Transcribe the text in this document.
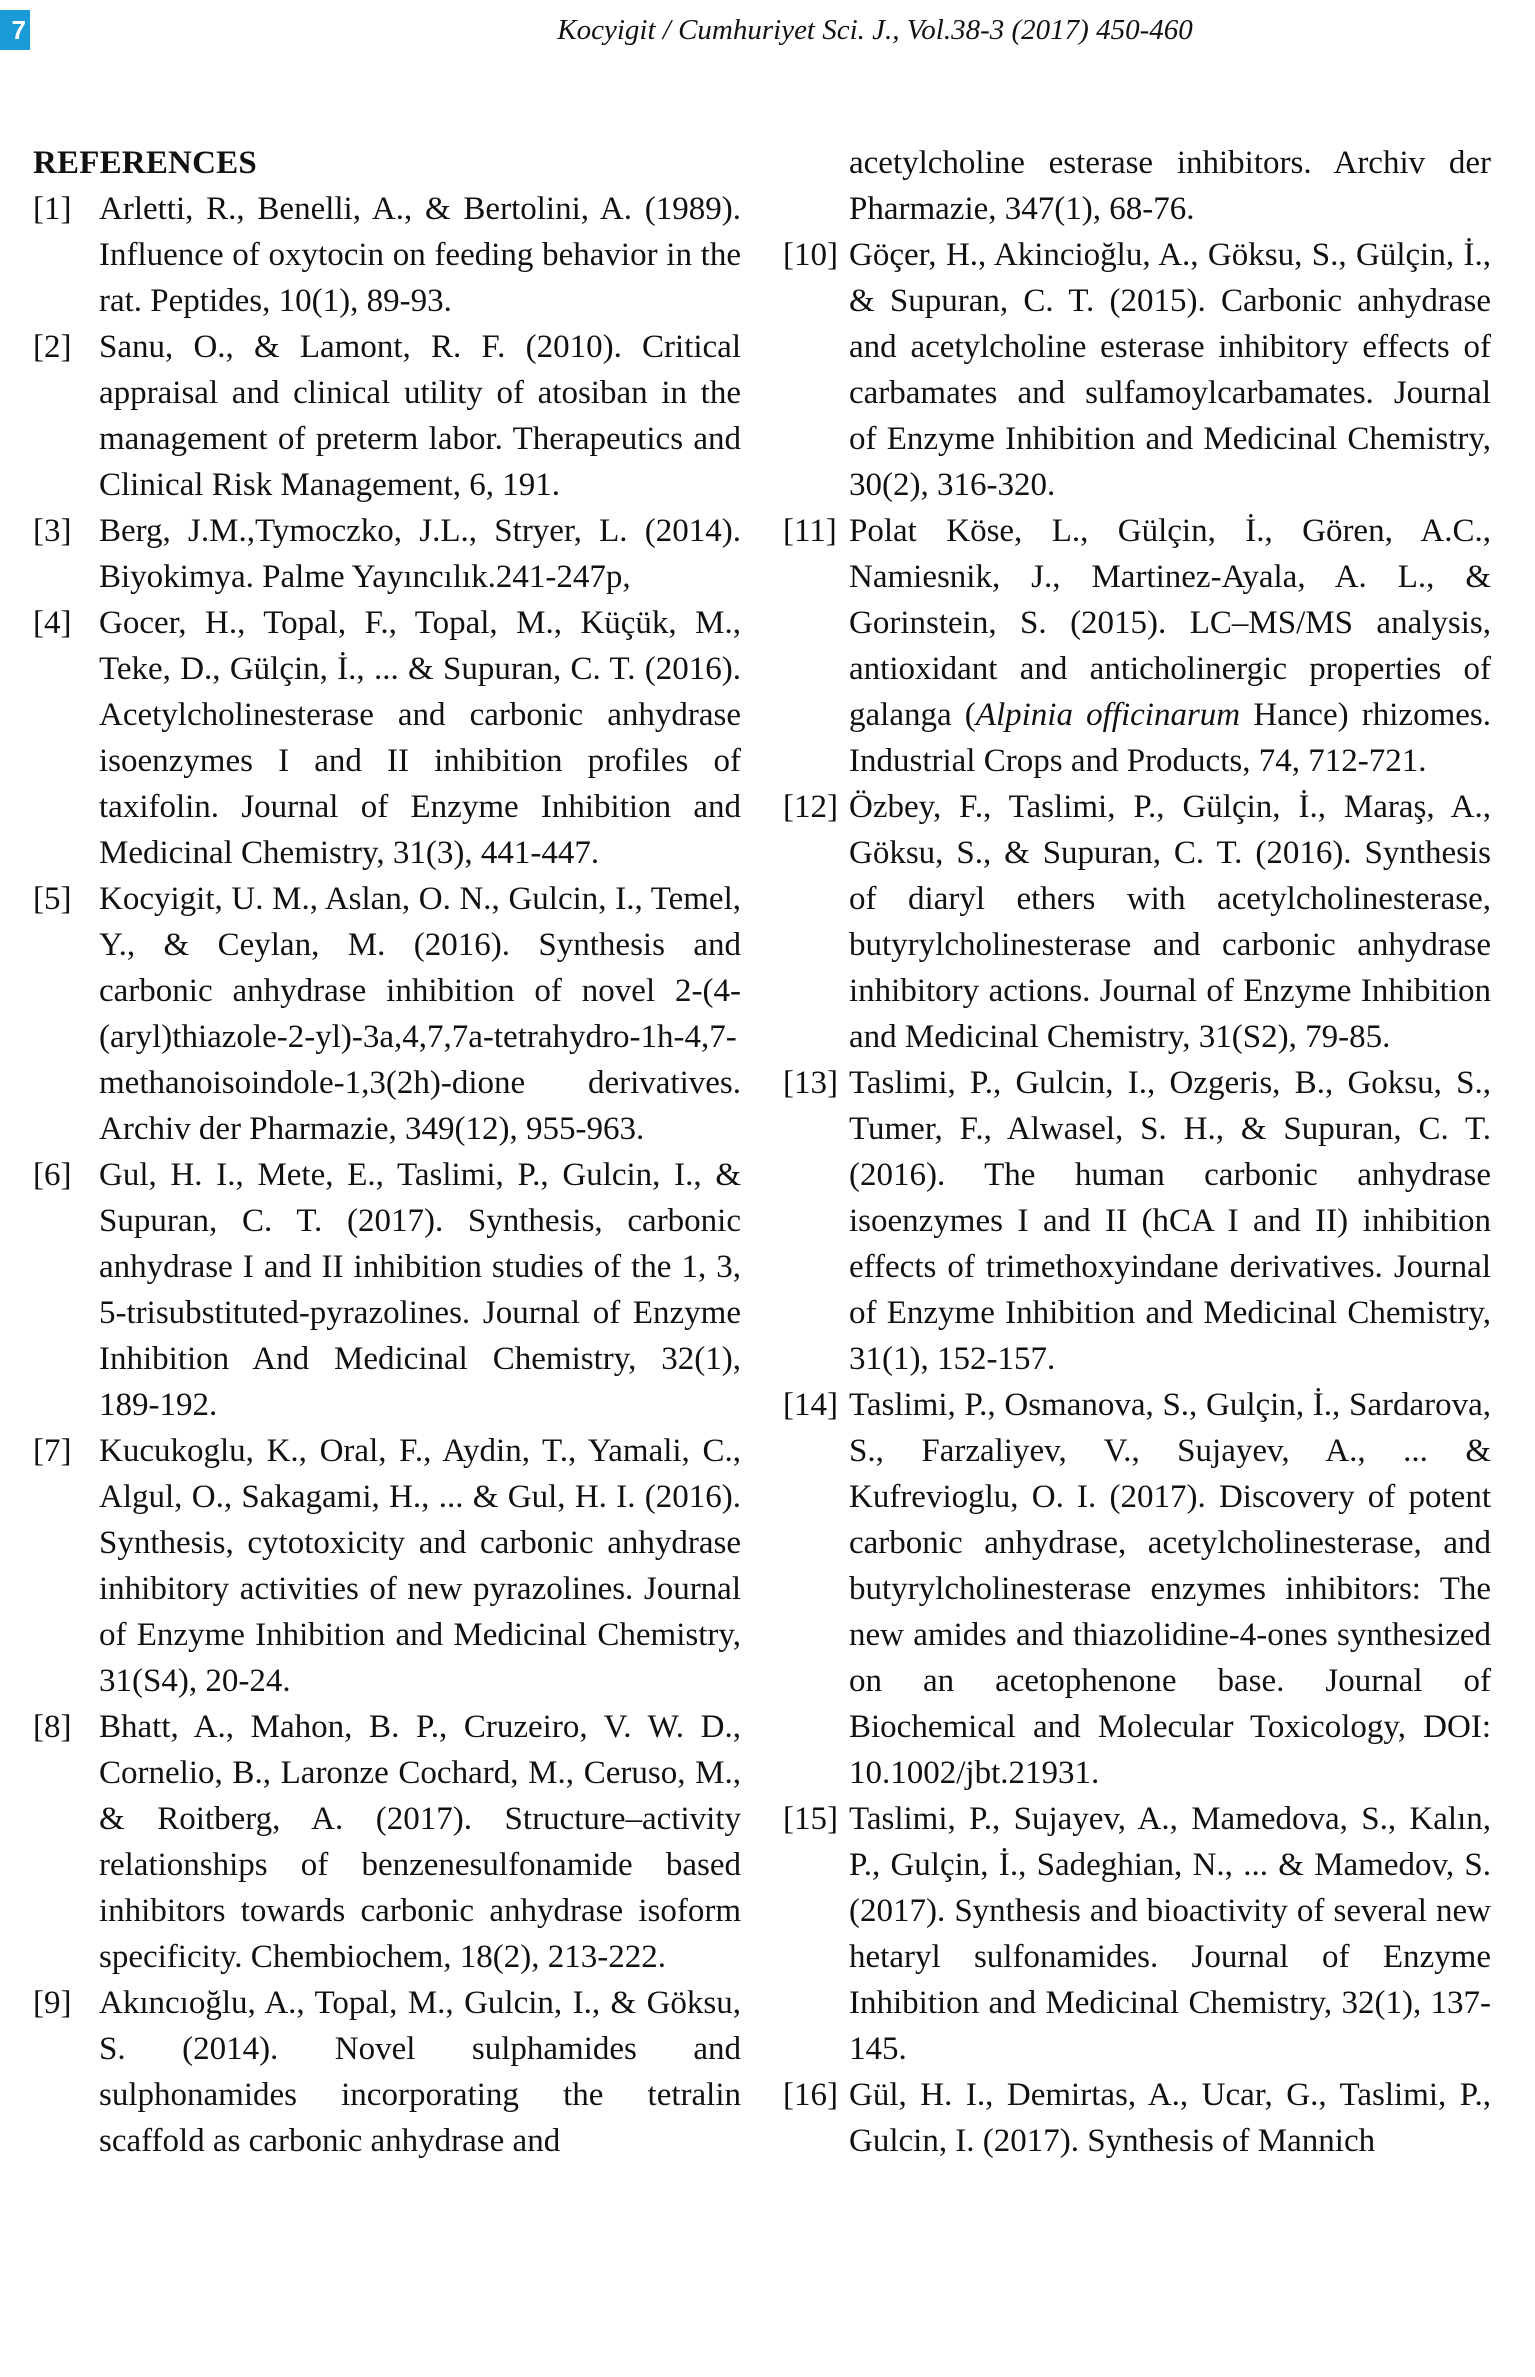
7	Kocyigit / Cumhuriyet Sci. J., Vol.38-3 (2017) 450-460
REFERENCES
[1] Arletti, R., Benelli, A., & Bertolini, A. (1989). Influence of oxytocin on feeding behavior in the rat. Peptides, 10(1), 89-93.
[2] Sanu, O., & Lamont, R. F. (2010). Critical appraisal and clinical utility of atosiban in the management of preterm labor. Therapeutics and Clinical Risk Management, 6, 191.
[3] Berg, J.M.,Tymoczko, J.L., Stryer, L. (2014). Biyokimya. Palme Yayıncılık.241-247p,
[4] Gocer, H., Topal, F., Topal, M., Küçük, M., Teke, D., Gülçin, İ., ... & Supuran, C. T. (2016). Acetylcholinesterase and carbonic anhydrase isoenzymes I and II inhibition profiles of taxifolin. Journal of Enzyme Inhibition and Medicinal Chemistry, 31(3), 441-447.
[5] Kocyigit, U. M., Aslan, O. N., Gulcin, I., Temel, Y., & Ceylan, M. (2016). Synthesis and carbonic anhydrase inhibition of novel 2-(4-(aryl)thiazole-2-yl)-3a,4,7,7a-tetrahydro-1h-4,7-methanoisoindole-1,3(2h)-dione derivatives. Archiv der Pharmazie, 349(12), 955-963.
[6] Gul, H. I., Mete, E., Taslimi, P., Gulcin, I., & Supuran, C. T. (2017). Synthesis, carbonic anhydrase I and II inhibition studies of the 1, 3, 5-trisubstituted-pyrazolines. Journal of Enzyme Inhibition And Medicinal Chemistry, 32(1), 189-192.
[7] Kucukoglu, K., Oral, F., Aydin, T., Yamali, C., Algul, O., Sakagami, H., ... & Gul, H. I. (2016). Synthesis, cytotoxicity and carbonic anhydrase inhibitory activities of new pyrazolines. Journal of Enzyme Inhibition and Medicinal Chemistry, 31(S4), 20-24.
[8] Bhatt, A., Mahon, B. P., Cruzeiro, V. W. D., Cornelio, B., Laronze Cochard, M., Ceruso, M., & Roitberg, A. (2017). Structure–activity relationships of benzenesulfonamide based inhibitors towards carbonic anhydrase isoform specificity. Chembiochem, 18(2), 213-222.
[9] Akıncıoğlu, A., Topal, M., Gulcin, I., & Göksu, S. (2014). Novel sulphamides and sulphonamides incorporating the tetralin scaffold as carbonic anhydrase and
acetylcholine esterase inhibitors. Archiv der Pharmazie, 347(1), 68-76.
[10] Göçer, H., Akincioğlu, A., Göksu, S., Gülçin, İ., & Supuran, C. T. (2015). Carbonic anhydrase and acetylcholine esterase inhibitory effects of carbamates and sulfamoylcarbamates. Journal of Enzyme Inhibition and Medicinal Chemistry, 30(2), 316-320.
[11] Polat Köse, L., Gülçin, İ., Gören, A.C., Namiesnik, J., Martinez-Ayala, A. L., & Gorinstein, S. (2015). LC–MS/MS analysis, antioxidant and anticholinergic properties of galanga (Alpinia officinarum Hance) rhizomes. Industrial Crops and Products, 74, 712-721.
[12] Özbey, F., Taslimi, P., Gülçin, İ., Maraş, A., Göksu, S., & Supuran, C. T. (2016). Synthesis of diaryl ethers with acetylcholinesterase, butyrylcholinesterase and carbonic anhydrase inhibitory actions. Journal of Enzyme Inhibition and Medicinal Chemistry, 31(S2), 79-85.
[13] Taslimi, P., Gulcin, I., Ozgeris, B., Goksu, S., Tumer, F., Alwasel, S. H., & Supuran, C. T. (2016). The human carbonic anhydrase isoenzymes I and II (hCA I and II) inhibition effects of trimethoxyindane derivatives. Journal of Enzyme Inhibition and Medicinal Chemistry, 31(1), 152-157.
[14] Taslimi, P., Osmanova, S., Gulçin, İ., Sardarova, S., Farzaliyev, V., Sujayev, A., ... & Kufrevioglu, O. I. (2017). Discovery of potent carbonic anhydrase, acetylcholinesterase, and butyrylcholinesterase enzymes inhibitors: The new amides and thiazolidine-4-ones synthesized on an acetophenone base. Journal of Biochemical and Molecular Toxicology, DOI: 10.1002/jbt.21931.
[15] Taslimi, P., Sujayev, A., Mamedova, S., Kalın, P., Gulçin, İ., Sadeghian, N., ... & Mamedov, S. (2017). Synthesis and bioactivity of several new hetaryl sulfonamides. Journal of Enzyme Inhibition and Medicinal Chemistry, 32(1), 137-145.
[16] Gül, H. I., Demirtas, A., Ucar, G., Taslimi, P., Gulcin, I. (2017). Synthesis of Mannich
